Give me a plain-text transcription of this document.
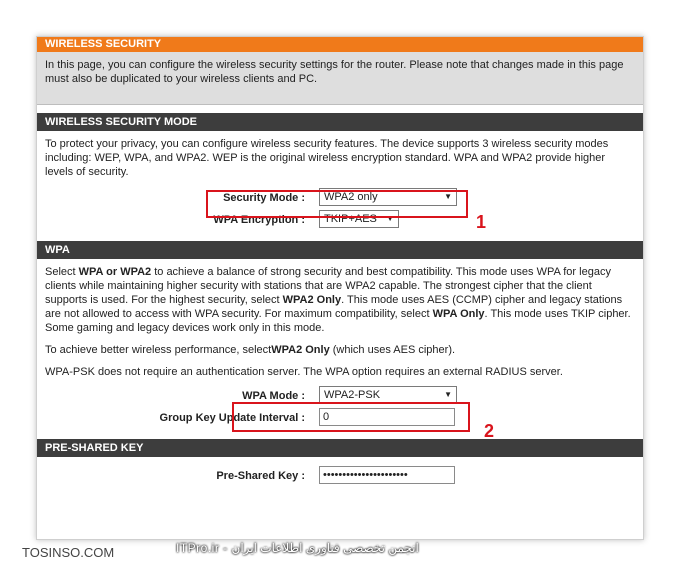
WIRELESS SECURITY
In this page, you can configure the wireless security settings for the router. Please note that changes made in this page must also be duplicated to your wireless clients and PC.
WIRELESS SECURITY MODE

To protect your privacy, you can configure wireless security features. The device supports 3 wireless security modes including: WEP, WPA, and WPA2. WEP is the original wireless encryption standard. WPA and WPA2 provide higher levels of security.

Security Mode :	WPA2 only	▼
WPA Encryption :	TKIP+AES ▼
WPA

Select WPA or WPA2 to achieve a balance of strong security and best compatibility. This mode uses WPA for legacy clients while maintaining higher security with stations that are WPA2 capable. The strongest cipher that the client supports is used. For the highest security, select WPA2 Only. This mode uses AES (CCMP) cipher and legacy stations are not allowed to access with WPA security. For maximum compatibility, select WPA Only. This mode uses TKIP cipher. Some gaming and legacy devices work only in this mode.

To achieve better wireless performance, selectWPA2 Only (which uses AES cipher).

WPA-PSK does not require an authentication server. The WPA option requires an external RADIUS server.

WPA Mode :	WPA2-PSK	▼
Group Key Update Interval :	0
PRE-SHARED KEY
Pre-Shared Key :	••••••••••••••••••••••
1
2
TOSINSO.COM	ITPro.ir - انجمن تخصصی فناوری اطلاعات ایران
